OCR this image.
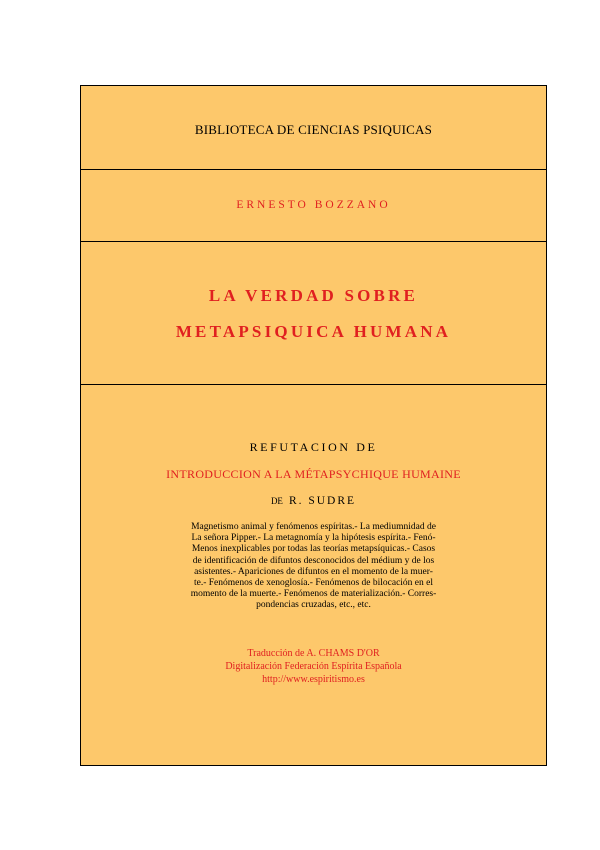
BIBLIOTECA DE CIENCIAS PSIQUICAS
ERNESTO BOZZANO
LA VERDAD SOBRE
METAPSIQUICA HUMANA
REFUTACION DE
INTRODUCCION A LA MÉTAPSYCHIQUE HUMAINE
DE R. SUDRE
Magnetismo animal y fenómenos espíritas.- La mediumnidad de
La señora Pipper.- La metagnomía y la hipótesis espírita.- Fenó-
Menos inexplicables por todas las teorías metapsíquicas.- Casos
de identificación de difuntos desconocidos del médium y de los
asistentes.- Apariciones de difuntos en el momento de la muer-
te.- Fenómenos de xenoglosía.- Fenómenos de bilocación en el
momento de la muerte.- Fenómenos de materialización.- Corres-
pondencias cruzadas, etc., etc.
Traducción de A. CHAMS D'OR
Digitalización Federación Espírita Española
http://www.espiritismo.es
